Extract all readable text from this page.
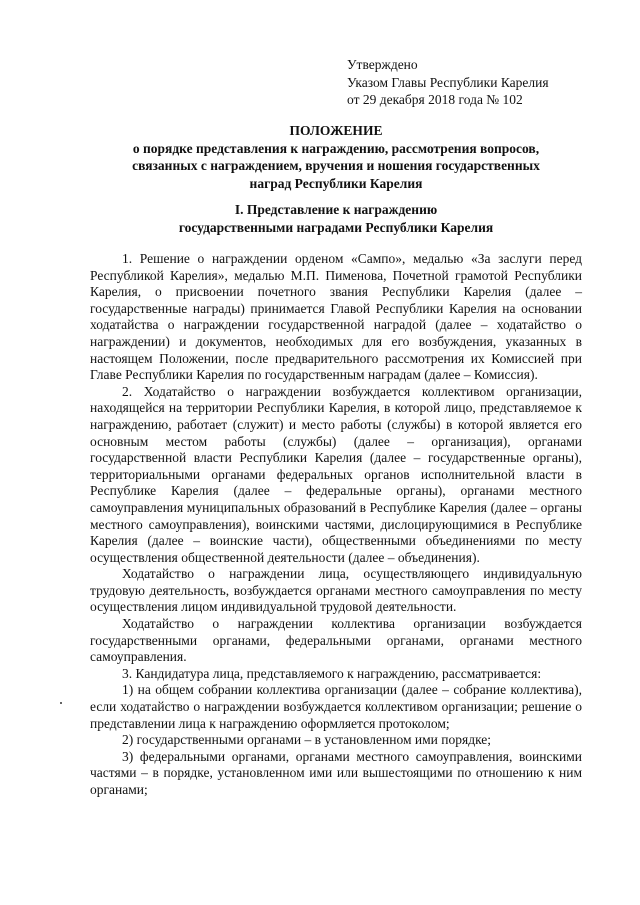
Утверждено
Указом Главы Республики Карелия
от 29 декабря 2018 года № 102
ПОЛОЖЕНИЕ
о порядке представления к награждению, рассмотрения вопросов,
связанных с награждением, вручения и ношения государственных
наград Республики Карелия
I. Представление к награждению
государственными наградами Республики Карелия

1. Решение о награждении орденом «Сампо», медалью «За заслуги перед Республикой Карелия», медалью М.П. Пименова, Почетной грамотой Республики Карелия, о присвоении почетного звания Республики Карелия (далее – государственные награды) принимается Главой Республики Карелия на основании ходатайства о награждении государственной наградой (далее – ходатайство о награждении) и документов, необходимых для его возбуждения, указанных в настоящем Положении, после предварительного рассмотрения их Комиссией при Главе Республики Карелия по государственным наградам (далее – Комиссия).

2. Ходатайство о награждении возбуждается коллективом организации, находящейся на территории Республики Карелия, в которой лицо, представляемое к награждению, работает (служит) и место работы (службы) в которой является его основным местом работы (службы) (далее – организация), органами государственной власти Республики Карелия (далее – государственные органы), территориальными органами федеральных органов исполнительной власти в Республике Карелия (далее – федеральные органы), органами местного самоуправления муниципальных образований в Республике Карелия (далее – органы местного самоуправления), воинскими частями, дислоцирующимися в Республике Карелия (далее – воинские части), общественными объединениями по месту осуществления общественной деятельности (далее – объединения).

Ходатайство о награждении лица, осуществляющего индивидуальную трудовую деятельность, возбуждается органами местного самоуправления по месту осуществления лицом индивидуальной трудовой деятельности.

Ходатайство о награждении коллектива организации возбуждается государственными органами, федеральными органами, органами местного самоуправления.

3. Кандидатура лица, представляемого к награждению, рассматривается:

1) на общем собрании коллектива организации (далее – собрание коллектива), если ходатайство о награждении возбуждается коллективом организации; решение о представлении лица к награждению оформляется протоколом;

2) государственными органами – в установленном ими порядке;

3) федеральными органами, органами местного самоуправления, воинскими частями – в порядке, установленном ими или вышестоящими по отношению к ним органами;
